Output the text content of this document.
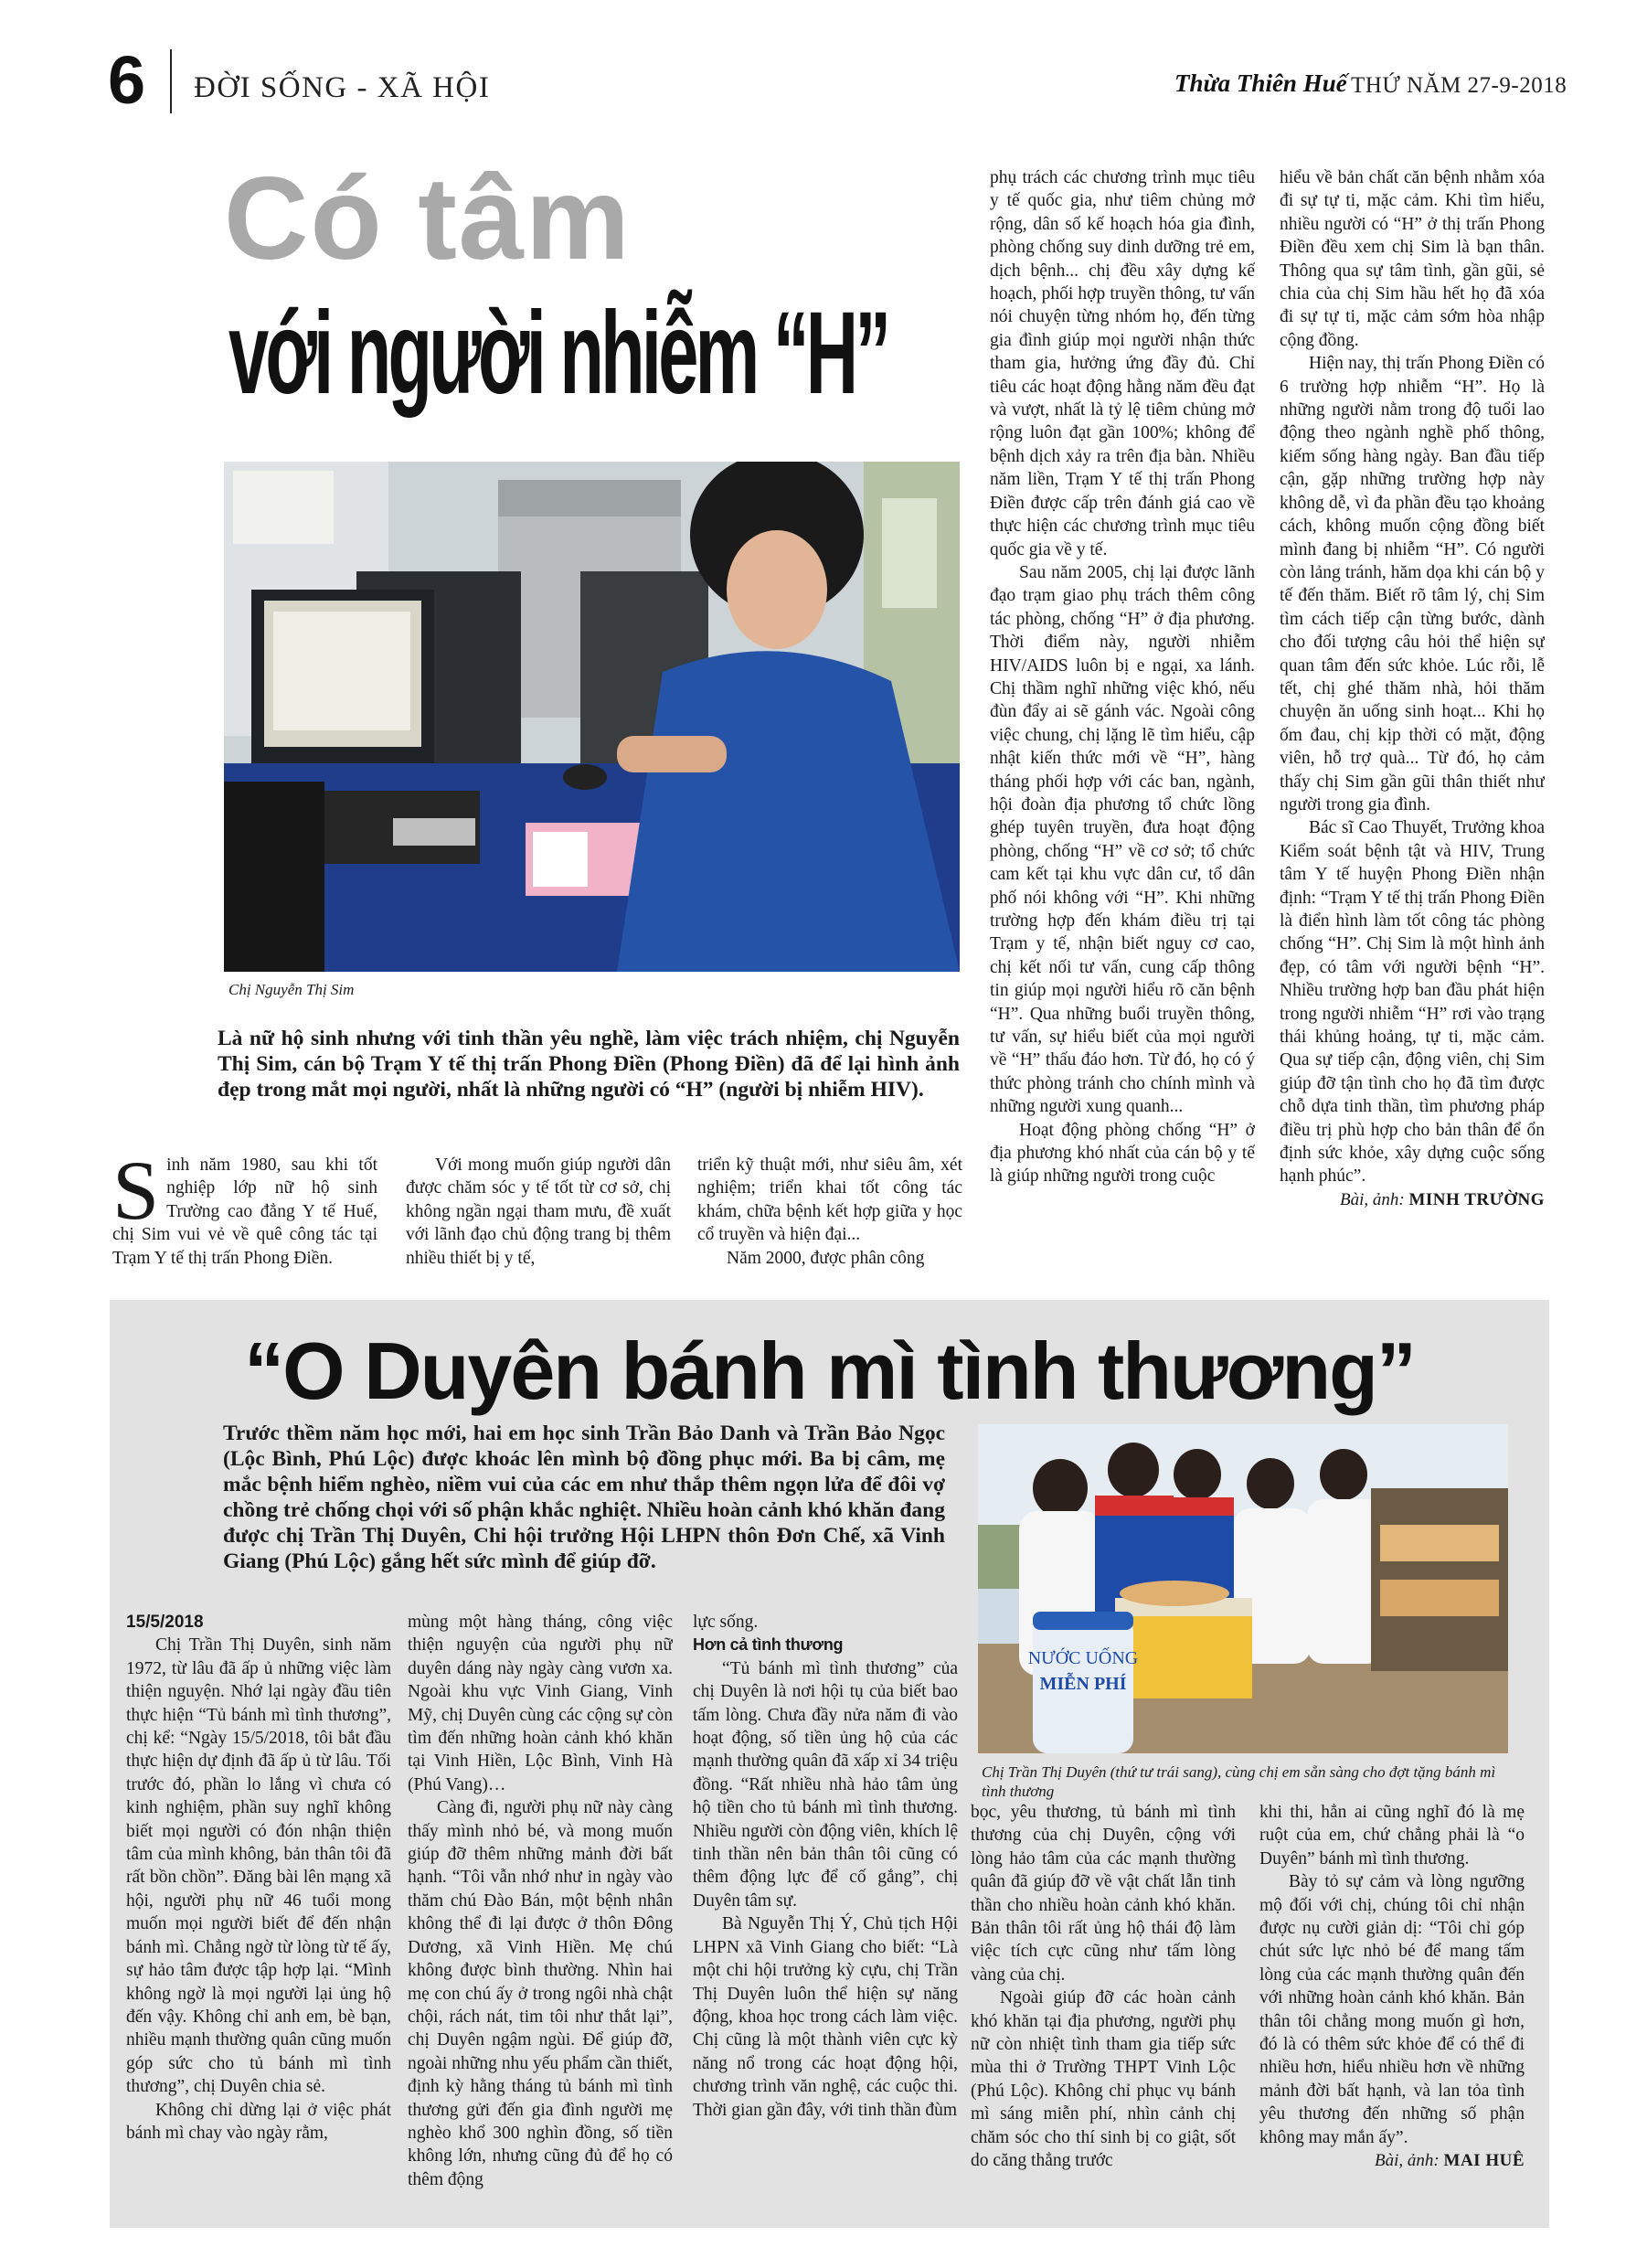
6 ĐỜI SỐNG - XÃ HỘI	Thừa Thiên Huế THỨ NĂM 27-9-2018
Có tâm
với người nhiễm “H”
Chị Nguyễn Thị Sim
Là nữ hộ sinh nhưng với tinh thần yêu nghề, làm việc trách nhiệm, chị Nguyễn Thị Sim, cán bộ Trạm Y tế thị trấn Phong Điền (Phong Điền) đã để lại hình ảnh đẹp trong mắt mọi người, nhất là những người có “H” (người bị nhiễm HIV).
S inh năm 1980, sau khi tốt nghiệp lớp nữ hộ sinh Trường cao đẳng Y tế Huế, chị Sim vui vẻ về quê công tác tại Trạm Y tế thị trấn Phong Điền.

Với mong muốn giúp người dân được chăm sóc y tế tốt từ cơ sở, chị không ngần ngại tham mưu, đề xuất với lãnh đạo chủ động trang bị thêm nhiều thiết bị y tế,

triển kỹ thuật mới, như siêu âm, xét nghiệm; triển khai tốt công tác khám, chữa bệnh kết hợp giữa y học cổ truyền và hiện đại...

Năm 2000, được phân công

phụ trách các chương trình mục tiêu y tế quốc gia, như tiêm chủng mở rộng, dân số kế hoạch hóa gia đình, phòng chống suy dinh dưỡng trẻ em, dịch bệnh... chị đều xây dựng kế hoạch, phối hợp truyền thông, tư vấn nói chuyện từng nhóm họ, đến từng gia đình giúp mọi người nhận thức tham gia, hưởng ứng đầy đủ. Chỉ tiêu các hoạt động hằng năm đều đạt và vượt, nhất là tỷ lệ tiêm chủng mở rộng luôn đạt gần 100%; không để bệnh dịch xảy ra trên địa bàn. Nhiều năm liền, Trạm Y tế thị trấn Phong Điền được cấp trên đánh giá cao về thực hiện các chương trình mục tiêu quốc gia về y tế.

Sau năm 2005, chị lại được lãnh đạo trạm giao phụ trách thêm công tác phòng, chống “H” ở địa phương. Thời điểm này, người nhiễm HIV/AIDS luôn bị e ngại, xa lánh. Chị thầm nghĩ những việc khó, nếu đùn đẩy ai sẽ gánh vác. Ngoài công việc chung, chị lặng lẽ tìm hiểu, cập nhật kiến thức mới về “H”, hàng tháng phối hợp với các ban, ngành, hội đoàn địa phương tổ chức lồng ghép tuyên truyền, đưa hoạt động phòng, chống “H” về cơ sở; tổ chức cam kết tại khu vực dân cư, tổ dân phố nói không với “H”. Khi những trường hợp đến khám điều trị tại Trạm y tế, nhận biết nguy cơ cao, chị kết nối tư vấn, cung cấp thông tin giúp mọi người hiểu rõ căn bệnh “H”. Qua những buổi truyền thông, tư vấn, sự hiểu biết của mọi người về “H” thấu đáo hơn. Từ đó, họ có ý thức phòng tránh cho chính mình và những người xung quanh...

Hoạt động phòng chống “H” ở địa phương khó nhất của cán bộ y tế là giúp những người trong cuộc

hiểu về bản chất căn bệnh nhằm xóa đi sự tự ti, mặc cảm. Khi tìm hiểu, nhiều người có “H” ở thị trấn Phong Điền đều xem chị Sim là bạn thân. Thông qua sự tâm tình, gần gũi, sẻ chia của chị Sim hầu hết họ đã xóa đi sự tự ti, mặc cảm sớm hòa nhập cộng đồng.

Hiện nay, thị trấn Phong Điền có 6 trường hợp nhiễm “H”. Họ là những người nằm trong độ tuổi lao động theo ngành nghề phố thông, kiếm sống hàng ngày. Ban đầu tiếp cận, gặp những trường hợp này không dễ, vì đa phần đều tạo khoảng cách, không muốn cộng đồng biết mình đang bị nhiễm “H”. Có người còn lảng tránh, hăm dọa khi cán bộ y tế đến thăm. Biết rõ tâm lý, chị Sim tìm cách tiếp cận từng bước, dành cho đối tượng câu hỏi thể hiện sự quan tâm đến sức khỏe. Lúc rỗi, lễ tết, chị ghé thăm nhà, hỏi thăm chuyện ăn uống sinh hoạt... Khi họ ốm đau, chị kịp thời có mặt, động viên, hỗ trợ quà... Từ đó, họ cảm thấy chị Sim gần gũi thân thiết như người trong gia đình.

Bác sĩ Cao Thuyết, Trưởng khoa Kiểm soát bệnh tật và HIV, Trung tâm Y tế huyện Phong Điền nhận định: “Trạm Y tế thị trấn Phong Điền là điển hình làm tốt công tác phòng chống “H”. Chị Sim là một hình ảnh đẹp, có tâm với người bệnh “H”. Nhiều trường hợp ban đầu phát hiện trong người nhiễm “H” rơi vào trạng thái khủng hoảng, tự ti, mặc cảm. Qua sự tiếp cận, động viên, chị Sim giúp đỡ tận tình cho họ đã tìm được chỗ dựa tinh thần, tìm phương pháp điều trị phù hợp cho bản thân để ổn định sức khỏe, xây dựng cuộc sống hạnh phúc”.

Bài, ảnh: MINH TRƯỜNG
“O Duyên bánh mì tình thương”
Trước thềm năm học mới, hai em học sinh Trần Bảo Danh và Trần Bảo Ngọc (Lộc Bình, Phú Lộc) được khoác lên mình bộ đồng phục mới. Ba bị câm, mẹ mắc bệnh hiểm nghèo, niềm vui của các em như thắp thêm ngọn lửa để đôi vợ chồng trẻ chống chọi với số phận khắc nghiệt. Nhiều hoàn cảnh khó khăn đang được chị Trần Thị Duyên, Chi hội trưởng Hội LHPN thôn Đơn Chế, xã Vinh Giang (Phú Lộc) gắng hết sức mình để giúp đỡ.
NƯỚC UỐNG
MIỄN PHÍ
Chị Trần Thị Duyên (thứ tư trái sang), cùng chị em sẵn sàng cho đợt tặng bánh mì tình thương
15/5/2018

Chị Trần Thị Duyên, sinh năm 1972, từ lâu đã ấp ủ những việc làm thiện nguyện. Nhớ lại ngày đầu tiên thực hiện “Tủ bánh mì tình thương”, chị kể: “Ngày 15/5/2018, tôi bắt đầu thực hiện dự định đã ấp ủ từ lâu. Tối trước đó, phần lo lắng vì chưa có kinh nghiệm, phần suy nghĩ không biết mọi người có đón nhận thiện tâm của mình không, bản thân tôi đã rất bồn chồn”. Đăng bài lên mạng xã hội, người phụ nữ 46 tuổi mong muốn mọi người biết để đến nhận bánh mì. Chẳng ngờ từ lòng từ tế ấy, sự hảo tâm được tập hợp lại. “Mình không ngờ là mọi người lại ủng hộ đến vậy. Không chỉ anh em, bè bạn, nhiều mạnh thường quân cũng muốn góp sức cho tủ bánh mì tình thương”, chị Duyên chia sẻ.

Không chỉ dừng lại ở việc phát bánh mì chay vào ngày rằm,

mùng một hàng tháng, công việc thiện nguyện của người phụ nữ duyên dáng này ngày càng vươn xa. Ngoài khu vực Vinh Giang, Vinh Mỹ, chị Duyên cùng các cộng sự còn tìm đến những hoàn cảnh khó khăn tại Vinh Hiền, Lộc Bình, Vinh Hà (Phú Vang)…

Càng đi, người phụ nữ này càng thấy mình nhỏ bé, và mong muốn giúp đỡ thêm những mảnh đời bất hạnh. “Tôi vẫn nhớ như in ngày vào thăm chú Đào Bán, một bệnh nhân không thể đi lại được ở thôn Đông Dương, xã Vinh Hiền. Mẹ chú không được bình thường. Nhìn hai mẹ con chú ấy ở trong ngôi nhà chật chội, rách nát, tim tôi như thắt lại”, chị Duyên ngậm ngùi. Để giúp đỡ, ngoài những nhu yếu phẩm cần thiết, định kỳ hằng tháng tủ bánh mì tình thương gửi đến gia đình người mẹ nghèo khổ 300 nghìn đồng, số tiền không lớn, nhưng cũng đủ để họ có thêm động

lực sống.

Hơn cả tình thương

“Tủ bánh mì tình thương” của chị Duyên là nơi hội tụ của biết bao tấm lòng. Chưa đầy nửa năm đi vào hoạt động, số tiền ủng hộ của các mạnh thường quân đã xấp xỉ 34 triệu đồng. “Rất nhiều nhà hảo tâm ủng hộ tiền cho tủ bánh mì tình thương. Nhiều người còn động viên, khích lệ tinh thần nên bản thân tôi cũng có thêm động lực để cố gắng”, chị Duyên tâm sự.

Bà Nguyễn Thị Ý, Chủ tịch Hội LHPN xã Vinh Giang cho biết: “Là một chi hội trưởng kỳ cựu, chị Trần Thị Duyên luôn thể hiện sự năng động, khoa học trong cách làm việc. Chị cũng là một thành viên cực kỳ năng nổ trong các hoạt động hội, chương trình văn nghệ, các cuộc thi. Thời gian gần đây, với tinh thần đùm

bọc, yêu thương, tủ bánh mì tình thương của chị Duyên, cộng với lòng hảo tâm của các mạnh thường quân đã giúp đỡ về vật chất lẫn tinh thần cho nhiều hoàn cảnh khó khăn. Bản thân tôi rất ủng hộ thái độ làm việc tích cực cũng như tấm lòng vàng của chị.

Ngoài giúp đỡ các hoàn cảnh khó khăn tại địa phương, người phụ nữ còn nhiệt tình tham gia tiếp sức mùa thi ở Trường THPT Vinh Lộc (Phú Lộc). Không chỉ phục vụ bánh mì sáng miễn phí, nhìn cảnh chị chăm sóc cho thí sinh bị co giật, sốt do căng thẳng trước

khi thi, hẳn ai cũng nghĩ đó là mẹ ruột của em, chứ chẳng phải là “o Duyên” bánh mì tình thương.

Bày tỏ sự cảm và lòng ngưỡng mộ đối với chị, chúng tôi chỉ nhận được nụ cười giản dị: “Tôi chỉ góp chút sức lực nhỏ bé để mang tấm lòng của các mạnh thường quân đến với những hoàn cảnh khó khăn. Bản thân tôi chẳng mong muốn gì hơn, đó là có thêm sức khỏe để có thể đi nhiều hơn, hiểu nhiều hơn về những mảnh đời bất hạnh, và lan tỏa tình yêu thương đến những số phận không may mắn ấy”.

Bài, ảnh: MAI HUÊ
